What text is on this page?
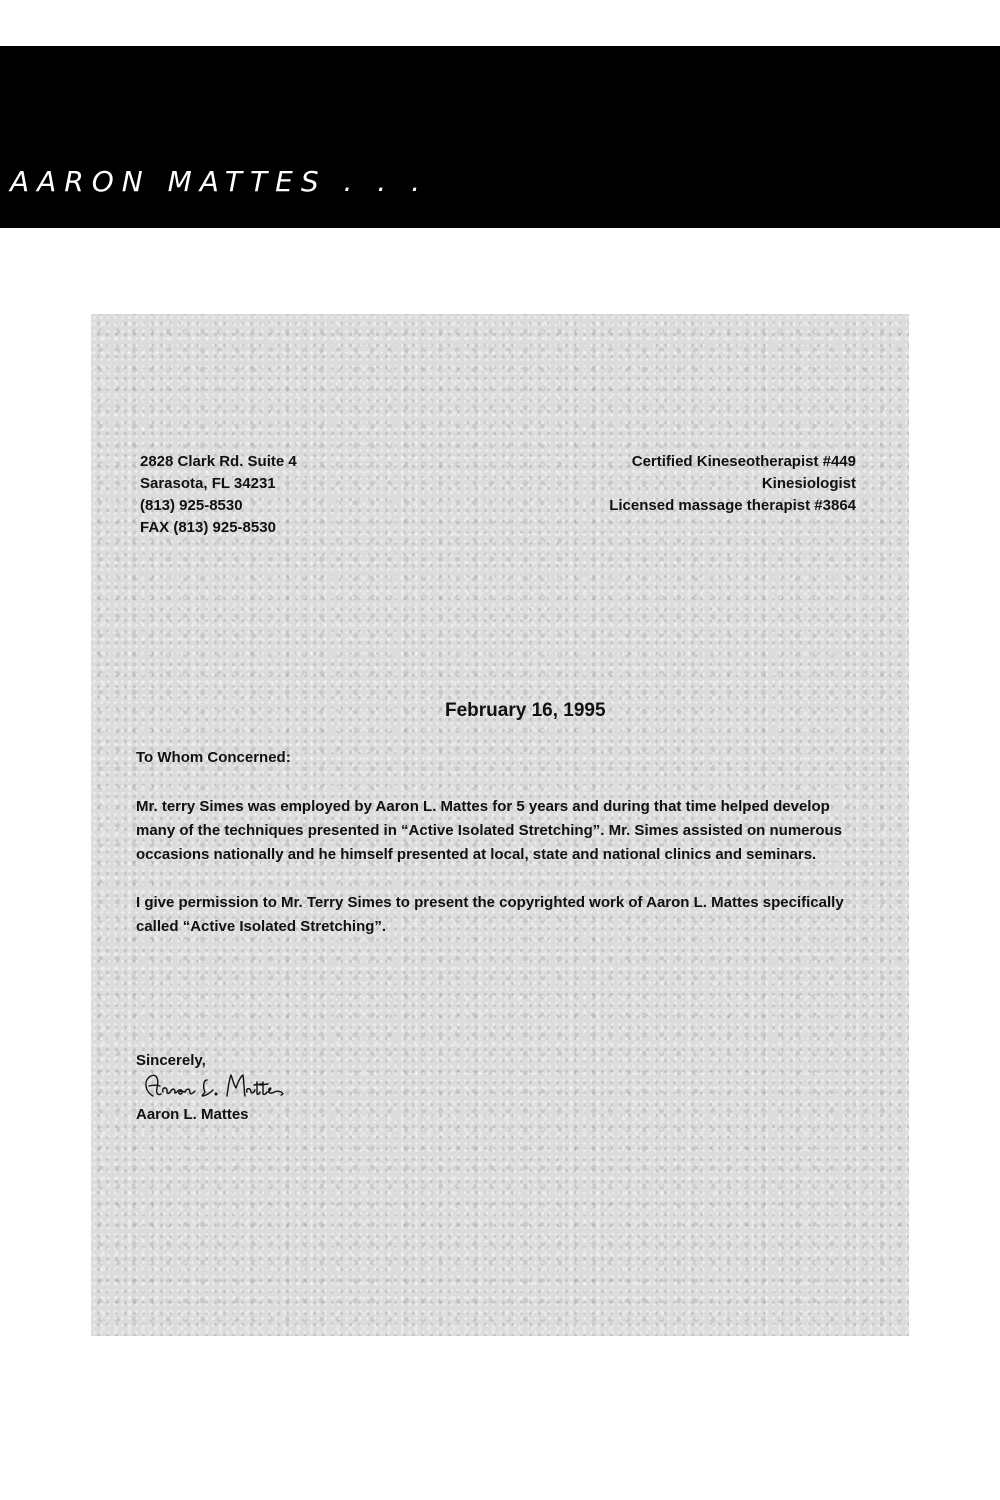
AARON MATTES . . .
2828 Clark Rd. Suite 4
Sarasota, FL 34231
(813) 925-8530
FAX (813) 925-8530
Certified Kineseotherapist #449
Kinesiologist
Licensed massage therapist #3864

February 16, 1995

To Whom Concerned:

Mr. terry Simes was employed by Aaron L. Mattes for 5 years and during that time helped develop many of the techniques presented in “Active Isolated Stretching”. Mr. Simes assisted on numerous occasions nationally and he himself presented at local, state and national clinics and seminars.

I give permission to Mr. Terry Simes to present the copyrighted work of Aaron L. Mattes specifically called “Active Isolated Stretching”.

Sincerely,

Aaron L. Mattes
